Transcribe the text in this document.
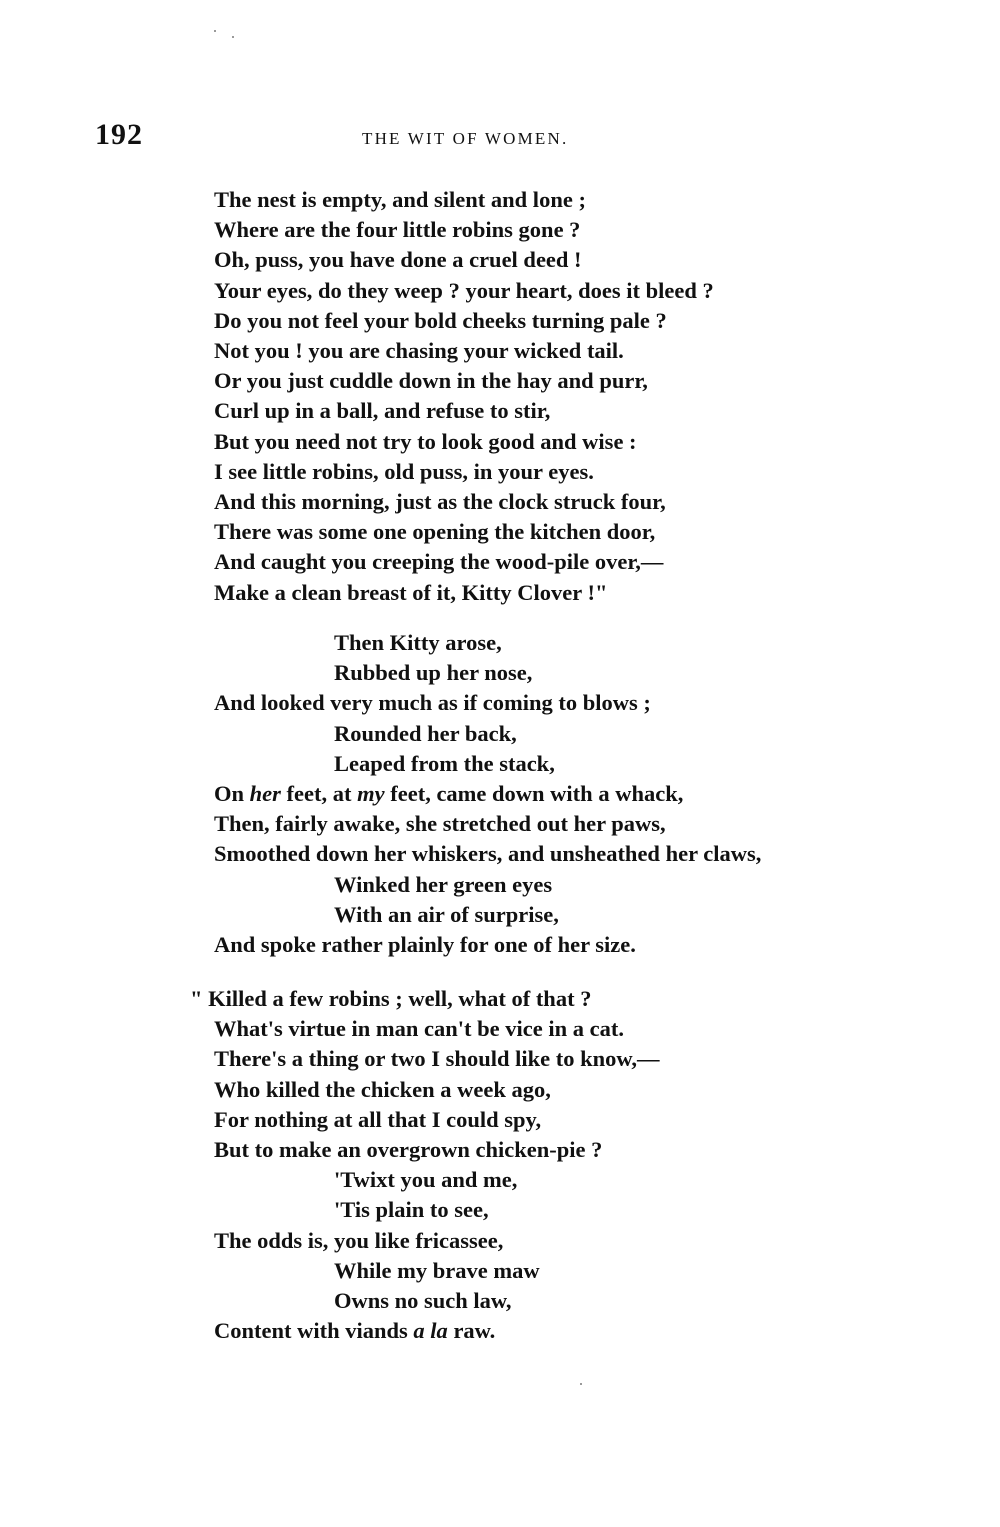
192	THE WIT OF WOMEN.
The nest is empty, and silent and lone ;
Where are the four little robins gone ?
Oh, puss, you have done a cruel deed !
Your eyes, do they weep ? your heart, does it bleed ?
Do you not feel your bold cheeks turning pale ?
Not you ! you are chasing your wicked tail.
Or you just cuddle down in the hay and purr,
Curl up in a ball, and refuse to stir,
But you need not try to look good and wise :
I see little robins, old puss, in your eyes.
And this morning, just as the clock struck four,
There was some one opening the kitchen door,
And caught you creeping the wood-pile over,—
Make a clean breast of it, Kitty Clover !"
Then Kitty arose,
Rubbed up her nose,
And looked very much as if coming to blows ;
Rounded her back,
Leaped from the stack,
On her feet, at my feet, came down with a whack,
Then, fairly awake, she stretched out her paws,
Smoothed down her whiskers, and unsheathed her claws,
Winked her green eyes
With an air of surprise,
And spoke rather plainly for one of her size.
" Killed a few robins ; well, what of that ?
What's virtue in man can't be vice in a cat.
There's a thing or two I should like to know,—
Who killed the chicken a week ago,
For nothing at all that I could spy,
But to make an overgrown chicken-pie ?
'Twixt you and me,
'Tis plain to see,
The odds is, you like fricassee,
While my brave maw
Owns no such law,
Content with viands a la raw.
